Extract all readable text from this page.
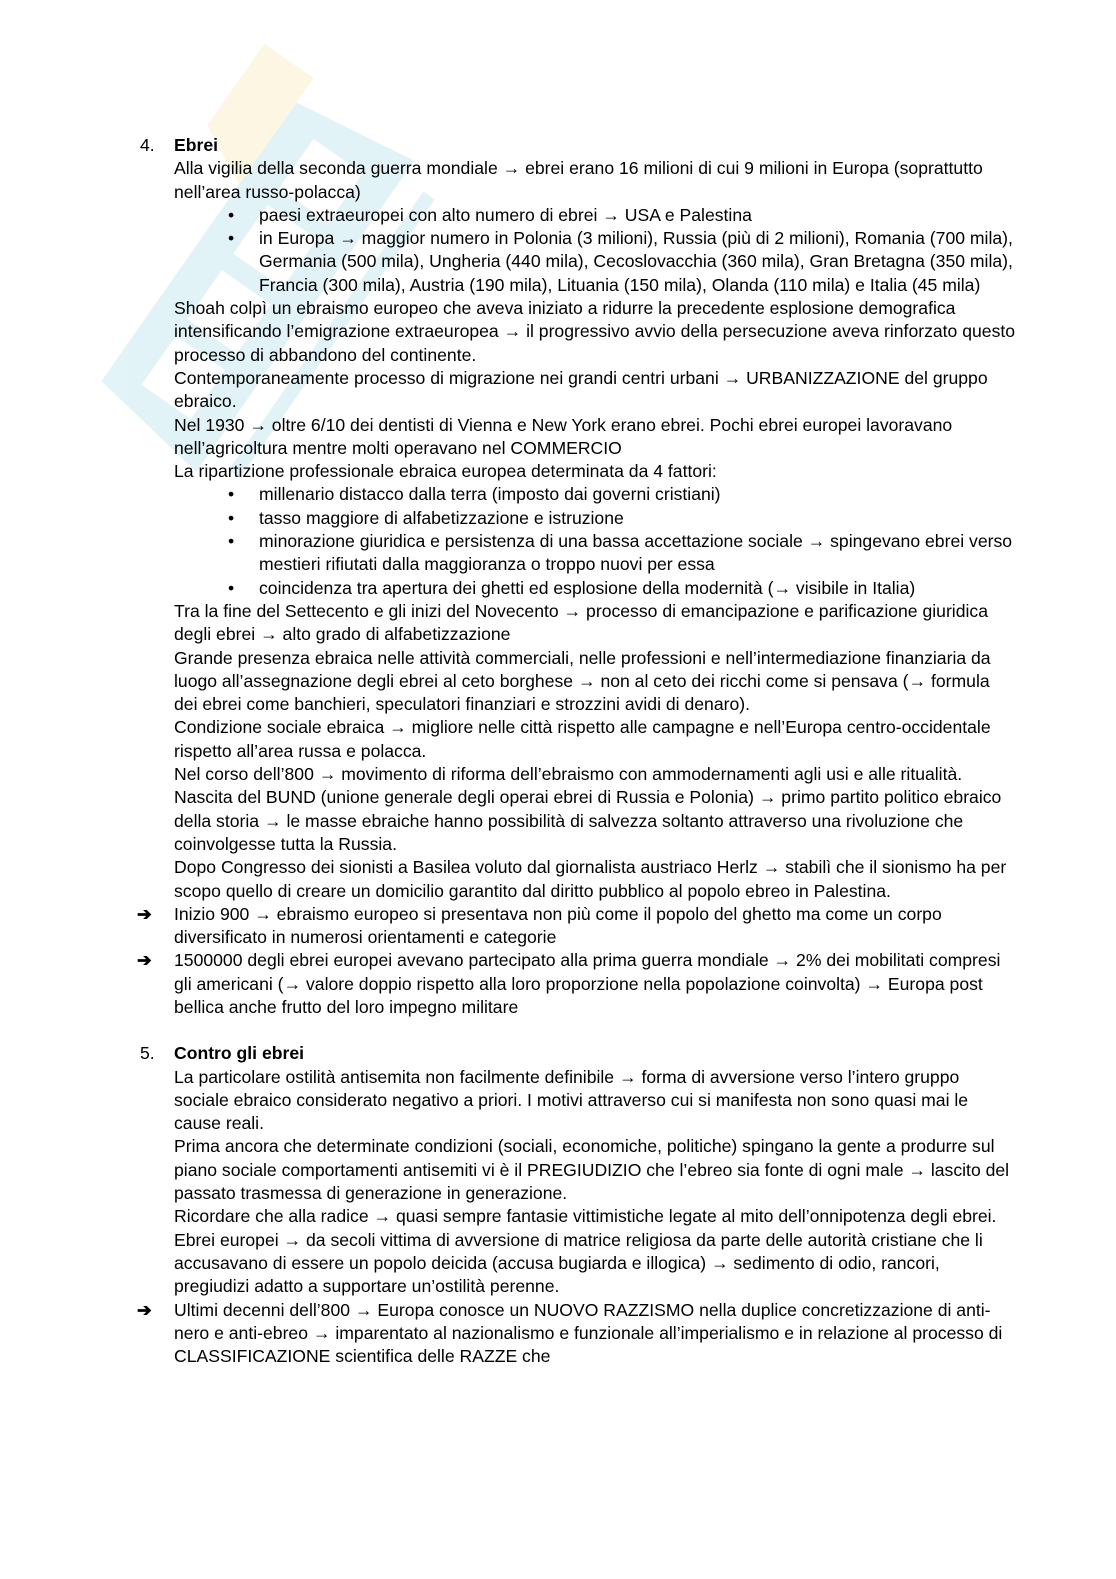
4. Ebrei
Alla vigilia della seconda guerra mondiale → ebrei erano 16 milioni di cui 9 milioni in Europa (soprattutto nell’area russo-polacca)
• paesi extraeuropei con alto numero di ebrei → USA e Palestina
• in Europa → maggior numero in Polonia (3 milioni), Russia (più di 2 milioni), Romania (700 mila), Germania (500 mila), Ungheria (440 mila), Cecoslovacchia (360 mila), Gran Bretagna (350 mila), Francia (300 mila), Austria (190 mila), Lituania (150 mila), Olanda (110 mila) e Italia (45 mila)
Shoah colpì un ebraismo europeo che aveva iniziato a ridurre la precedente esplosione demografica intensificando l’emigrazione extraeuropea → il progressivo avvio della persecuzione aveva rinforzato questo processo di abbandono del continente.
Contemporaneamente processo di migrazione nei grandi centri urbani → URBANIZZAZIONE del gruppo ebraico.
Nel 1930 → oltre 6/10 dei dentisti di Vienna e New York erano ebrei. Pochi ebrei europei lavoravano nell’agricoltura mentre molti operavano nel COMMERCIO
La ripartizione professionale ebraica europea determinata da 4 fattori:
• millenario distacco dalla terra (imposto dai governi cristiani)
• tasso maggiore di alfabetizzazione e istruzione
• minorazione giuridica e persistenza di una bassa accettazione sociale → spingevano ebrei verso mestieri rifiutati dalla maggioranza o troppo nuovi per essa
• coincidenza tra apertura dei ghetti ed esplosione della modernità (→ visibile in Italia)
Tra la fine del Settecento e gli inizi del Novecento → processo di emancipazione e parificazione giuridica degli ebrei → alto grado di alfabetizzazione
Grande presenza ebraica nelle attività commerciali, nelle professioni e nell’intermediazione finanziaria da luogo all’assegnazione degli ebrei al ceto borghese → non al ceto dei ricchi come si pensava (→ formula dei ebrei come banchieri, speculatori finanziari e strozzini avidi di denaro).
Condizione sociale ebraica → migliore nelle città rispetto alle campagne e nell’Europa centro-occidentale rispetto all’area russa e polacca.
Nel corso dell’800 → movimento di riforma dell’ebraismo con ammodernamenti agli usi e alle ritualità. Nascita del BUND (unione generale degli operai ebrei di Russia e Polonia) → primo partito politico ebraico della storia → le masse ebraiche hanno possibilità di salvezza soltanto attraverso una rivoluzione che coinvolgesse tutta la Russia.
Dopo Congresso dei sionisti a Basilea voluto dal giornalista austriaco Herlz → stabilì che il sionismo ha per scopo quello di creare un domicilio garantito dal diritto pubblico al popolo ebreo in Palestina.
➔ Inizio 900 → ebraismo europeo si presentava non più come il popolo del ghetto ma come un corpo diversificato in numerosi orientamenti e categorie
➔ 1500000 degli ebrei europei avevano partecipato alla prima guerra mondiale → 2% dei mobilitati compresi gli americani (→ valore doppio rispetto alla loro proporzione nella popolazione coinvolta) → Europa post bellica anche frutto del loro impegno militare
5. Contro gli ebrei
La particolare ostilità antisemita non facilmente definibile → forma di avversione verso l’intero gruppo sociale ebraico considerato negativo a priori. I motivi attraverso cui si manifesta non sono quasi mai le cause reali.
Prima ancora che determinate condizioni (sociali, economiche, politiche) spingano la gente a produrre sul piano sociale comportamenti antisemiti vi è il PREGIUDIZIO che l’ebreo sia fonte di ogni male → lascito del passato trasmessa di generazione in generazione.
Ricordare che alla radice → quasi sempre fantasie vittimistiche legate al mito dell’onnipotenza degli ebrei.
Ebrei europei → da secoli vittima di avversione di matrice religiosa da parte delle autorità cristiane che li accusavano di essere un popolo deicida (accusa bugiarda e illogica) → sedimento di odio, rancori, pregiudizi adatto a supportare un’ostilità perenne.
➔ Ultimi decenni dell’800 → Europa conosce un NUOVO RAZZISMO nella duplice concretizzazione di anti-nero e anti-ebreo → imparentato al nazionalismo e funzionale all’imperialismo e in relazione al processo di CLASSIFICAZIONE scientifica delle RAZZE che
